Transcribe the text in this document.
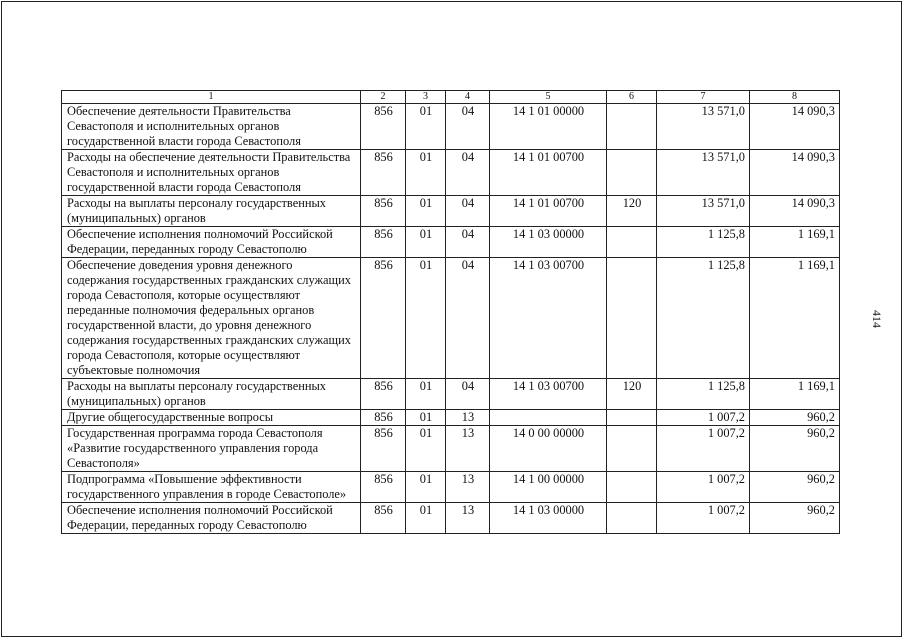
1	2	3	4	5	6	7	8
Обеспечение деятельности Правительства Севастополя и исполнительных органов государственной власти города Севастополя	856	01	04	14 1 01 00000		13 571,0	14 090,3
Расходы на обеспечение деятельности Правительства Севастополя и исполнительных органов государственной власти города Севастополя	856	01	04	14 1 01 00700		13 571,0	14 090,3
Расходы на выплаты персоналу государственных (муниципальных) органов	856	01	04	14 1 01 00700	120	13 571,0	14 090,3
Обеспечение исполнения полномочий Российской Федерации, переданных городу Севастополю	856	01	04	14 1 03 00000		1 125,8	1 169,1
Обеспечение доведения уровня денежного содержания государственных гражданских служащих города Севастополя, которые осуществляют переданные полномочия федеральных органов государственной власти, до уровня денежного содержания государственных гражданских служащих города Севастополя, которые осуществляют субъектовые полномочия	856	01	04	14 1 03 00700		1 125,8	1 169,1
Расходы на выплаты персоналу государственных (муниципальных) органов	856	01	04	14 1 03 00700	120	1 125,8	1 169,1
Другие общегосударственные вопросы	856	01	13			1 007,2	960,2
Государственная программа города Севастополя «Развитие государственного управления города Севастополя»	856	01	13	14 0 00 00000		1 007,2	960,2
Подпрограмма «Повышение эффективности государственного управления в городе Севастополе»	856	01	13	14 1 00 00000		1 007,2	960,2
Обеспечение исполнения полномочий Российской Федерации, переданных городу Севастополю	856	01	13	14 1 03 00000		1 007,2	960,2
414
